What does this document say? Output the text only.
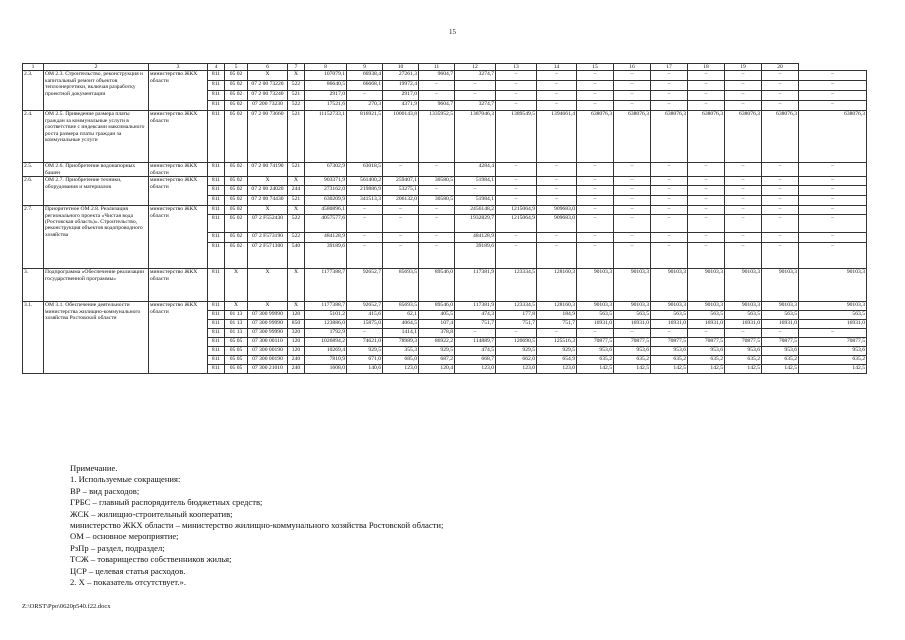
15
1	2	3	4	5	6	7	8	9	10	11	12	13	14	15	16	17	18	19	20	
2.3.	ОМ 2.3. Строительство, реконструкция и капитальный ремонт объектов теплоэнергетики, включая разработку проектной документации	министерство ЖКХ области	811	05 02	Х	Х	107079,1	66938,4	27261,3	9604,7	3274,7	–	–	–	–	–	–	–	–	–
			811	05 02	07 2 00 73220	522	86640,5	66668,1	19972,4	–	–	–	–	–	–	–	–	–	–	–
			811	05 02	07 2 00 73240	521	2917,0	–	2917,0	–	–	–	–	–	–	–	–	–	–	–
			811	05 02	07 200 73230	522	17521,6	270,3	4371,9	9604,7	3274,7	–	–	–	–	–	–	–	–	–
2.4.	ОМ 2.5. Приведение размера платы граждан за коммунальные услуги в соответствие с индексами максимального роста размера платы граждан за коммунальные услуги	министерство ЖКХ области	811	05 02	07 2 00 73660	521	11152733,1	816921,5	1000143,8	1335952,5	1387046,3	1389549,5	1394661,4	638076,3	638076,3	638076,3	638076,3	638076,3	638076,3	638076,3
2.5.	ОМ 2.6. Приобретение водонапорных башен	министерство ЖКХ области	811	05 02	07 2 00 74190	521	67302,9	63018,5	–	–	4284,4	–	–	–	–	–	–	–	–	–
2.6.	ОМ 2.7. Приобретение техники, оборудования и материалов	министерство ЖКХ области	811	05 02	Х	Х	903371,9	561400,2	259407,1	30580,5	51984,1	–	–	–	–	–	–	–	–	–
			811	05 02	07 2 00 24020	244	273162,0	219886,9	53275,1	–	–	–	–	–	–	–	–	–	–	–
			811	05 02	07 2 00 74430	521	630209,9	341513,3	206132,0	30580,5	51984,1	–	–	–	–	–	–	–	–	–
2.7.	Приоритетное ОМ 2.8. Реализация регионального проекта «Чистая вода (Ростовская область)». Строительство, реконструкция объектов водопроводного хозяйства	министерство ЖКХ области	811	05 02	Х	Х	4580896,1	–	–	–	2456148,2	1215064,9	909683,0	–	–	–	–	–	–	–
			811	05 02	07 2 F552430	522	4057577,6	–	–	–	1932829,7	1215064,9	909683,0	–	–	–	–	–	–	–
			811	05 02	07 2 F573190	522	484128,9	–	–	–	484128,9	–	–	–	–	–	–	–	–	–
			811	05 02	07 2 F571300	540	39189,6	–	–	–	39189,6	–	–	–	–	–	–	–	–	–
3.	Подпрограмма «Обеспечение реализации государственной программы»	министерство ЖКХ области	811	Х	Х	Х	1177388,7	92652,7	85693,5	89546,0	117381,9	123334,5	128160,3	90103,3	90103,3	90103,3	90103,3	90103,3	90103,3	90103,3
3.1.	ОМ 3.1. Обеспечение деятельности министерства жилищно-коммунального хозяйства Ростовской области	министерство ЖКХ области	811	Х	Х	Х	1177388,7	92652,7	85693,5	89546,0	117381,9	123334,5	128160,3	90103,3	90103,3	90103,3	90103,3	90103,3	90103,3	90103,3
			811	01 13	07 300 99990	120	5101,2	415,6	62,1	405,5	474,3	177,8	184,9	563,5	563,5	563,5	563,5	563,5	563,5	563,5
			811	01 13	07 300 99990	850	123886,0	15875,0	4064,5	107,4	751,7	751,7	751,7	16931,0	16931,0	16931,0	16931,0	16931,0	16931,0	16931,0
			811	01 13	07 300 99990	320	1792,9	–	1414,1	378,8	–	–	–	–	–	–	–	–	–	–
			811	05 05	07 300 00110	120	1026894,2	74621,0	78989,3	86922,2	114889,7	120690,5	125516,3	70877,5	70877,5	70877,5	70877,5	70877,5	70877,5	70877,5
			811	05 05	07 300 00190	120	10269,4	929,5	355,3	929,5	474,5	929,5	929,5	953,6	953,6	953,6	953,6	953,6	953,6	953,6
			811	05 05	07 300 00190	240	7810,9	671,0	685,0	687,2	668,7	662,0	654,9	635,2	635,2	635,2	635,2	635,2	635,2	635,2
			811	05 05	07 300 21010	240	1608,0	140,6	123,0	120,4	123,0	123,0	123,0	142,5	142,5	142,5	142,5	142,5	142,5	142,5
Примечание.
1. Используемые сокращения:
ВР – вид расходов;
ГРБС – главный распорядитель бюджетных средств;
ЖСК – жилищно-строительный кооператив;
министерство ЖКХ области – министерство жилищно-коммунального хозяйства Ростовской области;
ОМ – основное мероприятие;
РзПр – раздел, подраздел;
ТСЖ – товарищество собственников жилья;
ЦСР – целевая статья расходов.
2. Х – показатель отсутствует.».
Z:\ORST\Ppo\0620p540.f22.docx
